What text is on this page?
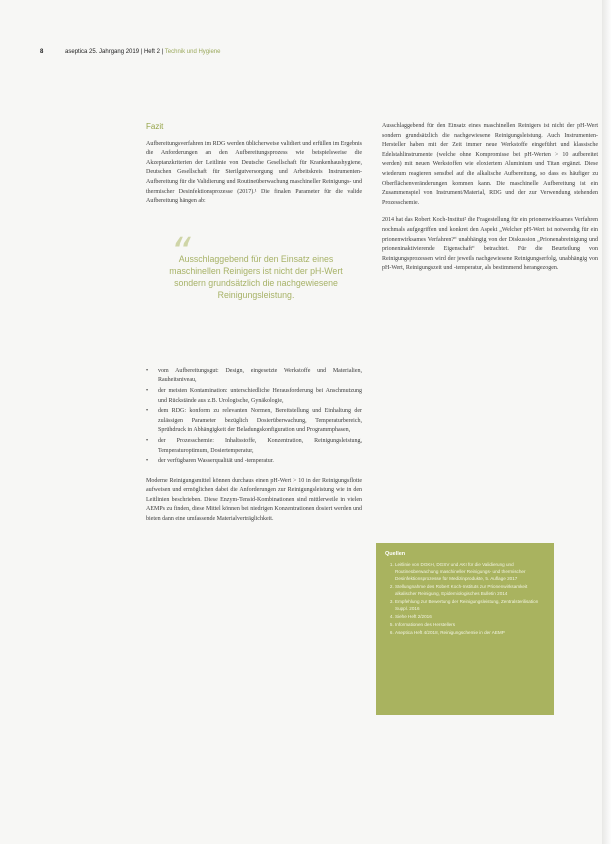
8	aseptica 25. Jahrgang 2019 | Heft 2 | Technik und Hygiene
Fazit

Aufbereitungsverfahren im RDG werden üblicherweise validiert und erfüllen im Ergebnis die Anforderungen an den Aufbereitungsprozess wie beispielsweise die Akzeptanzkriterien der Leitlinie von Deutsche Gesellschaft für Krankenhaushygiene, Deutschen Gesellschaft für Sterilgutversorgung und Arbeitskreis Instrumenten-Aufbereitung für die Validierung und Routineüberwachung maschineller Reinigungs- und thermischer Desinfektionsprozesse (2017).¹ Die finalen Parameter für die valide Aufbereitung hängen ab:

“
Ausschlaggebend für den Einsatz eines maschinellen Reinigers ist nicht der pH-Wert sondern grundsätzlich die nachgewiesene Reinigungsleistung.
• vom Aufbereitungsgut: Design, eingesetzte Werkstoffe und Materialien, Rauheitsniveau,
• der meisten Kontamination: unterschiedliche Herausforderung bei Anschmutzung und Rückstände aus z.B. Urologische, Gynäkologie,
• dem RDG: konform zu relevanten Normen, Bereitstellung und Einhaltung der zulässigen Parameter bezüglich Dosierüberwachung, Temperaturbereich, Sprühdruck in Abhängigkeit der Beladungskonfiguration und Programmphasen,
• der Prozesschemie: Inhaltsstoffe, Konzentration, Reinigungsleistung, Temperaturoptimum, Dosiertemperatur,
• der verfügbaren Wasserqualität und -temperatur.

Moderne Reinigungsmittel können durchaus einen pH-Wert > 10 in der Reinigungsflotte aufweisen und ermöglichen dabei die Anforderungen zur Reinigungsleistung wie in den Leitlinien beschrieben. Diese Enzym-Tensid-Kombinationen sind mittlerweile in vielen AEMPs zu finden, diese Mittel können bei niedrigen Konzentrationen dosiert werden und bieten dann eine umfassende Materialverträglichkeit.

Ausschlaggebend für den Einsatz eines maschinellen Reinigers ist nicht der pH-Wert sondern grundsätzlich die nachgewiesene Reinigungsleistung. Auch Instrumenten-Hersteller haben mit der Zeit immer neue Werkstoffe eingeführt und klassische Edelstahlinstrumente (welche ohne Kompromisse bei pH-Werten > 10 aufbereitet werden) mit neuen Werkstoffen wie eloxiertem Aluminium und Titan ergänzt. Diese wiederum reagieren sensibel auf die alkalische Aufbereitung, so dass es häufiger zu Oberflächenveränderungen kommen kann. Die maschinelle Aufbereitung ist ein Zusammenspiel von Instrument/Material, RDG und der zur Verwendung stehenden Prozesschemie.

2014 hat das Robert Koch-Institut² die Fragestellung für ein prionenwirksames Verfahren nochmals aufgegriffen und konkret den Aspekt „Welcher pH-Wert ist notwendig für ein prionenwirksames Verfahren?“ unabhängig von der Diskussion „Prionenabreinigung und prioneninaktivierende Eigenschaft“ betrachtet. Für die Beurteilung von Reinigungsprozessen wird der jeweils nachgewiesene Reinigungserfolg, unabhängig von pH-Wert, Reinigungszeit und -temperatur, als bestimmend herangezogen.

Quellen
1. Leitlinie von DGKH, DGSV und AKI für die Validierung und Routineüberwachung maschineller Reinigungs- und thermischer Desinfektionsprozesse für Medizinprodukte, 5. Auflage 2017
2. Stellungnahme des Robert Koch-Instituts zur Prionenwirksamkeit alkalischer Reinigung, Epidemiologisches Bulletin 2014
3. Empfehlung zur Bewertung der Reinigungsleistung, Zentralsterilisation Suppl. 2016
4. Siehe Heft 2/2016
5. Informationen des Herstellers
6. Aseptica Heft 4/2018, Reinigungschemie in der AEMP
